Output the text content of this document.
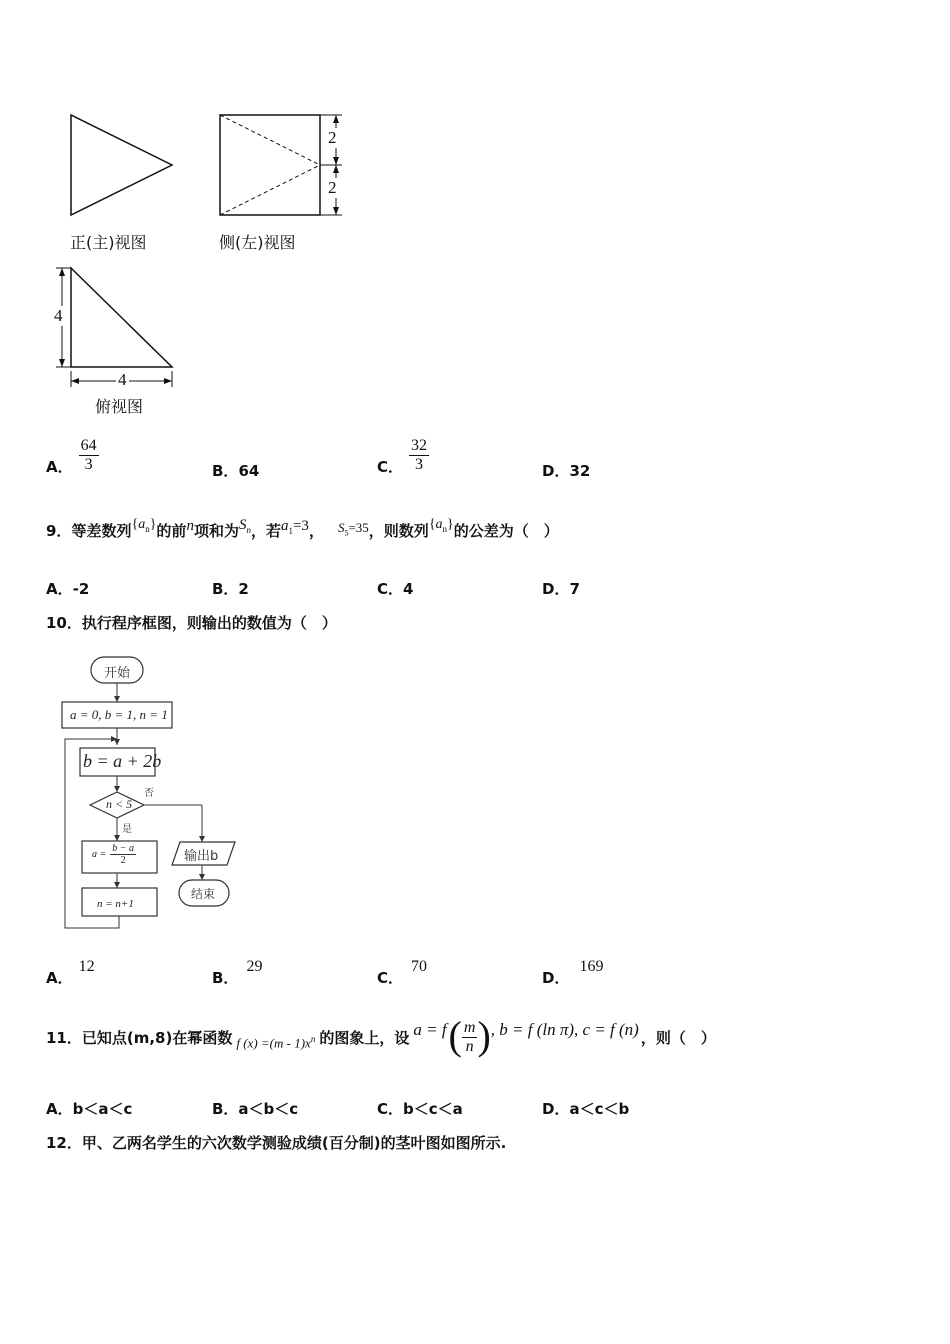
2
2
4
4
正(主)视图	侧(左)视图
俯视图
A． $\frac{64}{3}$	B．64	C． $\frac{32}{3}$	D．32
9．等差数列$\{a_n\}$的前n项和为$S_n$，若$a_1=3$， $S_5=35$，则数列$\{a_n\}$的公差为（　）
A．-2	B．2	C．4	D．7
10．执行程序框图，则输出的数值为（　）
开始
a = 0, b = 1, n = 1
b = a + 2b
n < 5
否
是
$a = \frac{b - a}{2}$
n = n+1
输出b
结束
A．12
B．29
C．70
D．169
11．已知点(m,8)在幂函数 f $(x) =(m - 1)x^n$ 的图象上，设 a = f ( $\frac{m}{n}$ ) , b = f (ln π), c = f (n) ，则（　）
A．b＜a＜c	B．a＜b＜c	C．b＜c＜a	D．a＜c＜b
12．甲、乙两名学生的六次数学测验成绩(百分制)的茎叶图如图所示.
